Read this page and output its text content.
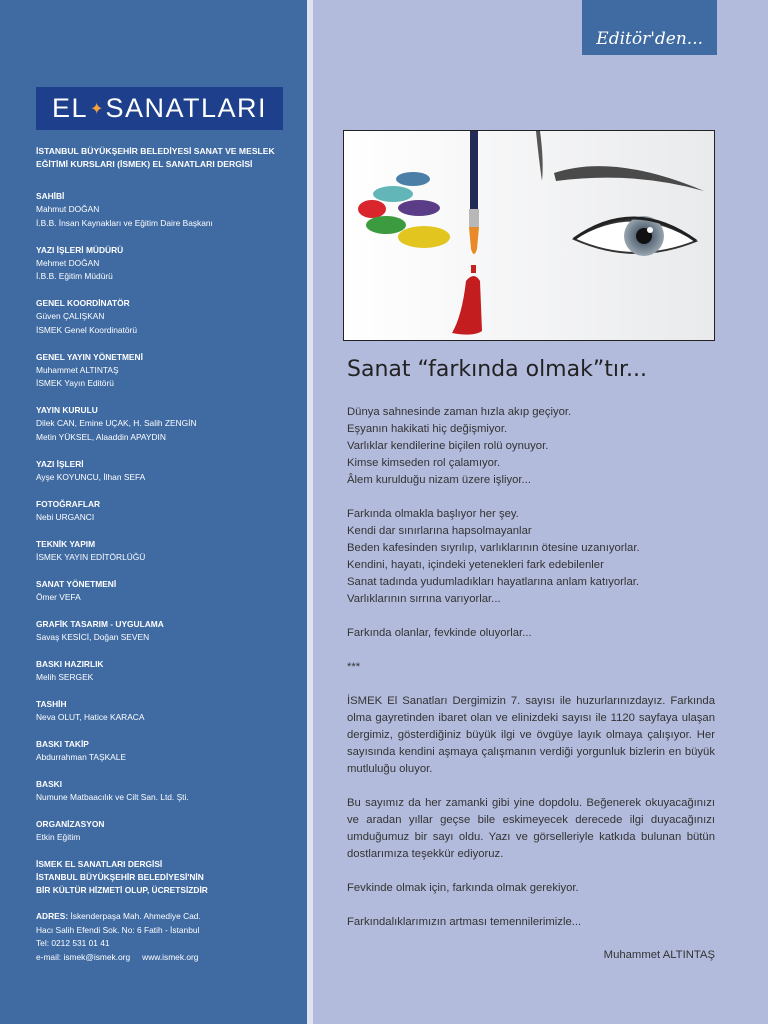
EL ✦ SANATLARI
İSTANBUL BÜYÜKŞEHİR BELEDİYESİ SANAT VE MESLEK
EĞİTİMİ KURSLARI (İSMEK) EL SANATLARI DERGİSİ
SAHİBİ
Mahmut DOĞAN
İ.B.B. İnsan Kaynakları ve Eğitim Daire Başkanı
YAZI İŞLERİ MÜDÜRÜ
Mehmet DOĞAN
İ.B.B. Eğitim Müdürü
GENEL KOORDİNATÖR
Güven ÇALIŞKAN
İSMEK Genel Koordinatörü
GENEL YAYIN YÖNETMENİ
Muhammet ALTINTAŞ
İSMEK Yayın Editörü
YAYIN KURULU
Dilek CAN, Emine UÇAK, H. Salih ZENGİN
Metin YÜKSEL, Alaaddin APAYDIN
YAZI İŞLERİ
Ayşe KOYUNCU, İlhan SEFA
FOTOĞRAFLAR
Nebi URGANCI
TEKNİK YAPIM
İSMEK YAYIN EDİTÖRLÜĞÜ
SANAT YÖNETMENİ
Ömer VEFA
GRAFİK TASARIM - UYGULAMA
Savaş KESİCİ, Doğan SEVEN
BASKI HAZIRLIK
Melih SERGEK
TASHİH
Neva OLUT, Hatice KARACA
BASKI TAKİP
Abdurrahman TAŞKALE
BASKI
Numune Matbaacılık ve Cilt San. Ltd. Şti.
ORGANİZASYON
Etkin Eğitim
İSMEK EL SANATLARI DERGİSİ
İSTANBUL BÜYÜKŞEHİR BELEDİYESİ'NİN
BİR KÜLTÜR HİZMETİ OLUP, ÜCRETSİZDİR
ADRES: İskenderpaşa Mah. Ahmediye Cad.
Hacı Salih Efendi Sok. No: 6 Fatih - İstanbul
Tel: 0212 531 01 41
e-mail: ismek@ismek.org www.ismek.org
Editör'den...
Sanat “farkında olmak”tır...

Dünya sahnesinde zaman hızla akıp geçiyor.
Eşyanın hakikati hiç değişmiyor.
Varlıklar kendilerine biçilen rolü oynuyor.
Kimse kimseden rol çalamıyor.
Âlem kurulduğu nizam üzere işliyor...

Farkında olmakla başlıyor her şey.
Kendi dar sınırlarına hapsolmayanlar
Beden kafesinden sıyrılıp, varlıklarının ötesine uzanıyorlar.
Kendini, hayatı, içindeki yetenekleri fark edebilenler
Sanat tadında yudumladıkları hayatlarına anlam katıyorlar.
Varlıklarının sırrına varıyorlar...

Farkında olanlar, fevkinde oluyorlar...

***

İSMEK El Sanatları Dergimizin 7. sayısı ile huzurlarınızdayız. Farkında olma gayretinden ibaret olan ve elinizdeki sayısı ile 1120 sayfaya ulaşan dergimiz, gösterdiğiniz büyük ilgi ve övgüye layık olmaya çalışıyor. Her sayısında kendini aşmaya çalışmanın verdiği yorgunluk bizlerin en büyük mutluluğu oluyor.

Bu sayımız da her zamanki gibi yine dopdolu. Beğenerek okuyacağınızı ve aradan yıllar geçse bile eskimeyecek derecede ilgi duyacağınızı umduğumuz bir sayı oldu. Yazı ve görselleriyle katkıda bulunan bütün dostlarımıza teşekkür ediyoruz.

Fevkinde olmak için, farkında olmak gerekiyor.

Farkındalıklarımızın artması temennilerimizle...

Muhammet ALTINTAŞ
